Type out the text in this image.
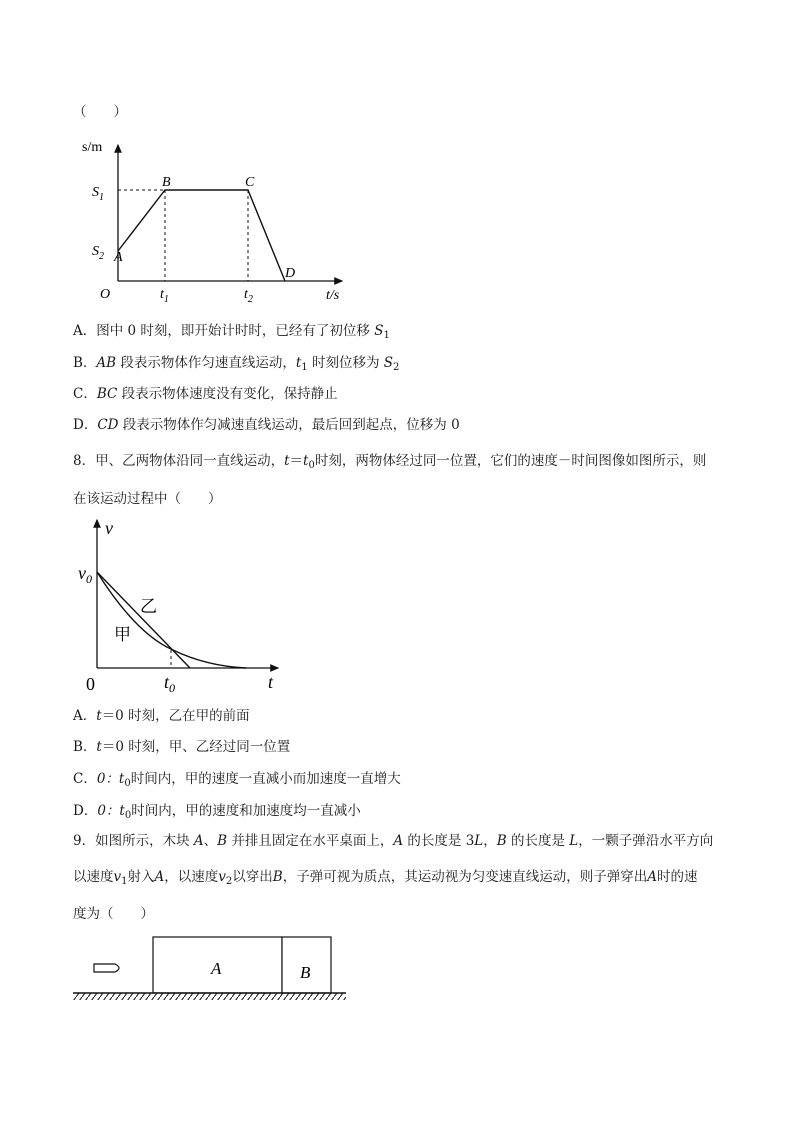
（　　）
s/m
t/s
O
$S_1$
$S_2$
$t_1$	$t_2$
A
B	C
D
A．图中 0 时刻，即开始计时时，已经有了初位移 $S_1$
B．AB 段表示物体作匀速直线运动，$t_1$ 时刻位移为 $S_2$
C．BC 段表示物体速度没有变化，保持静止
D．CD 段表示物体作匀减速直线运动，最后回到起点，位移为 0
8．甲、乙两物体沿同一直线运动，$t=t_0$时刻，两物体经过同一位置，它们的速度－时间图像如图所示，则
在该运动过程中（　　）
v
t
0
$v_0$
$t_0$
乙
甲
A．t＝0 时刻，乙在甲的前面
B．t＝0 时刻，甲、乙经过同一位置
C．0：$t_0$时间内，甲的速度一直减小而加速度一直增大
D．0：$t_0$时间内，甲的速度和加速度均一直减小
9．如图所示，木块 A、B 并排且固定在水平桌面上，A 的长度是 3L，B 的长度是 L，一颗子弹沿水平方向
以速度$v_1$射入A，以速度$v_2$以穿出B，子弹可视为质点，其运动视为匀变速直线运动，则子弹穿出A时的速
度为（　　）
A	B
